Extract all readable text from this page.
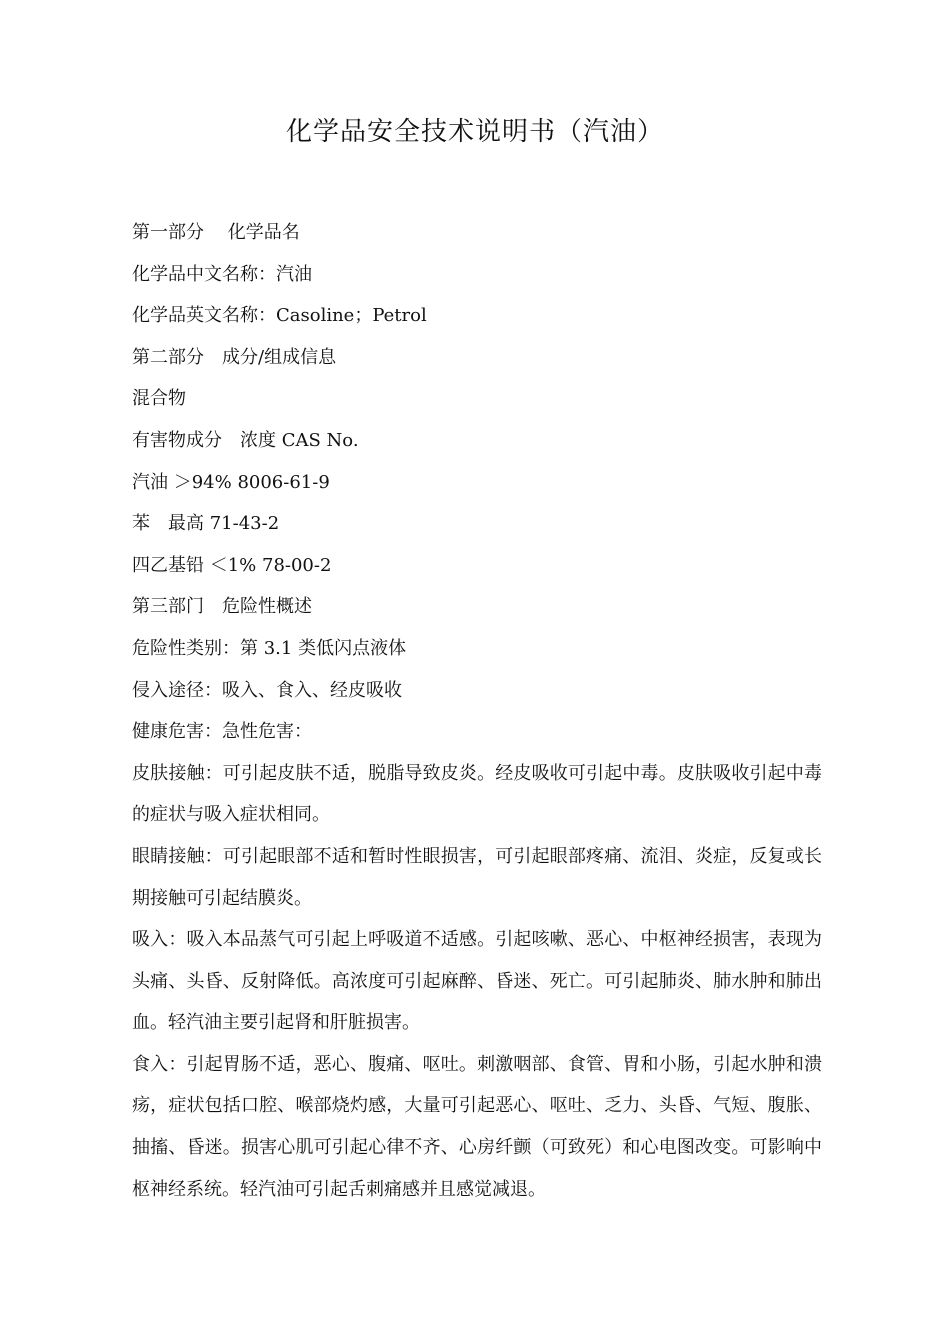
化学品安全技术说明书（汽油）

第一部分　 化学品名

化学品中文名称：汽油

化学品英文名称：Casoline；Petrol

第二部分　成分/组成信息

混合物

有害物成分　浓度 CAS No.

汽油 ＞94% 8006-61-9

苯　最高 71-43-2

四乙基铅 ＜1% 78-00-2

第三部门　危险性概述

危险性类别：第 3.1 类低闪点液体

侵入途径：吸入、食入、经皮吸收

健康危害：急性危害：

皮肤接触：可引起皮肤不适，脱脂导致皮炎。经皮吸收可引起中毒。皮肤吸收引起中毒的症状与吸入症状相同。

眼睛接触：可引起眼部不适和暂时性眼损害，可引起眼部疼痛、流泪、炎症，反复或长期接触可引起结膜炎。

吸入：吸入本品蒸气可引起上呼吸道不适感。引起咳嗽、恶心、中枢神经损害，表现为头痛、头昏、反射降低。高浓度可引起麻醉、昏迷、死亡。可引起肺炎、肺水肿和肺出血。轻汽油主要引起肾和肝脏损害。

食入：引起胃肠不适，恶心、腹痛、呕吐。刺激咽部、食管、胃和小肠，引起水肿和溃疡，症状包括口腔、喉部烧灼感，大量可引起恶心、呕吐、乏力、头昏、气短、腹胀、抽搐、昏迷。损害心肌可引起心律不齐、心房纤颤（可致死）和心电图改变。可影响中枢神经系统。轻汽油可引起舌刺痛感并且感觉减退。
